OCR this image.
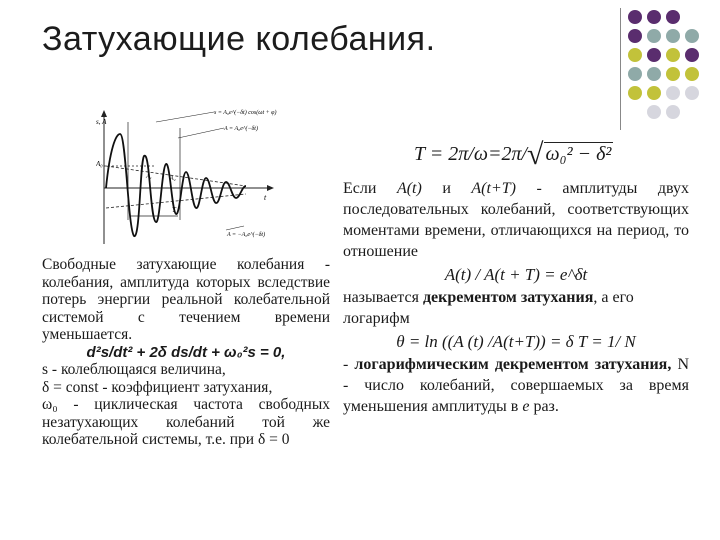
Затухающие колебания.
s, A
s = A₀e^(−δt) cos(ωt + φ)
A = A₀e^(−δt)
A = −A₀e^(−δt)
A₀
A₁	A₂
t
T
T = 2π/ω=2π/√ ω₀² − δ²

Свободные затухающие колебания - колебания, амплитуда которых вследствие потерь энергии реальной колебательной системой с течением времени уменьшается.

d²s/dt² + 2δ ds/dt + ω₀²s = 0,

s - колеблющаяся величина,

δ = const - коэффициент затухания,

ω₀ - циклическая частота свободных незатухающих колебаний той же колебательной системы, т.е. при δ = 0

Если A(t) и A(t+T) - амплитуды двух последовательных колебаний, соответствующих моментами времени, отличающихся на период, то отношение

A(t) / A(t + T) = e^δt

называется декрементом затухания, а его логарифм

θ = ln ((A (t) /A(t+T)) = δ T = 1/ N

- логарифмическим декрементом затухания, N - число колебаний, совершаемых за время уменьшения амплитуды в e раз.
